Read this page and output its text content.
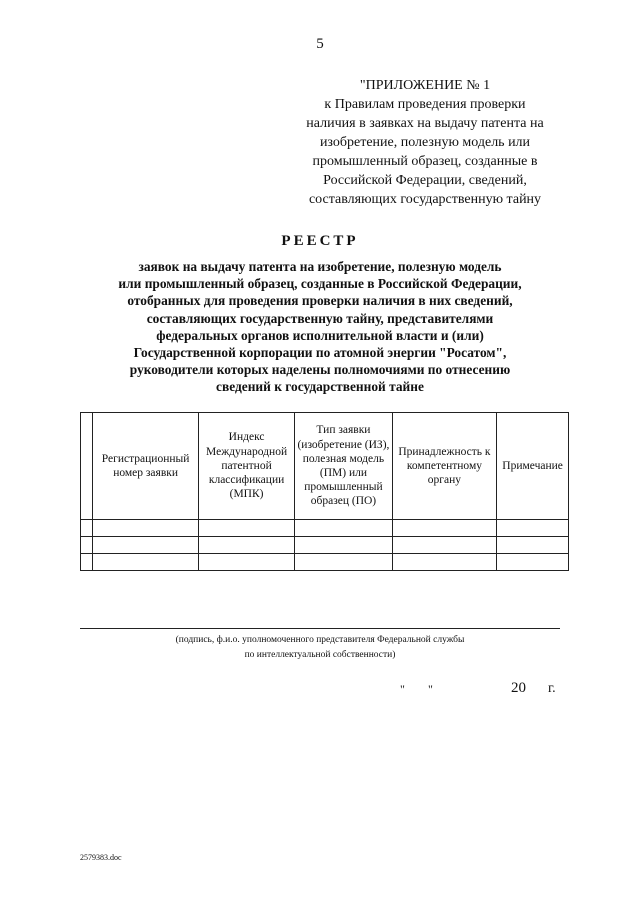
5
"ПРИЛОЖЕНИЕ № 1
к Правилам проведения проверки
наличия в заявках на выдачу патента на
изобретение, полезную модель или
промышленный образец, созданные в
Российской Федерации, сведений,
составляющих государственную тайну
РЕЕСТР
заявок на выдачу патента на изобретение, полезную модель
или промышленный образец, созданные в Российской Федерации,
отобранных для проведения проверки наличия в них сведений,
составляющих государственную тайну, представителями
федеральных органов исполнительной власти и (или)
Государственной корпорации по атомной энергии "Росатом",
руководители которых наделены полномочиями по отнесению
сведений к государственной тайне
	Регистрационный номер заявки	Индекс Международной патентной классификации (МПК)	Тип заявки (изобретение (ИЗ), полезная модель (ПМ) или промышленный образец (ПО)	Принадлежность к компетентному органу	Примечание

(подпись, ф.и.о. уполномоченного представителя Федеральной службы
по интеллектуальной собственности)
" "	20 г.
2579383.doc
